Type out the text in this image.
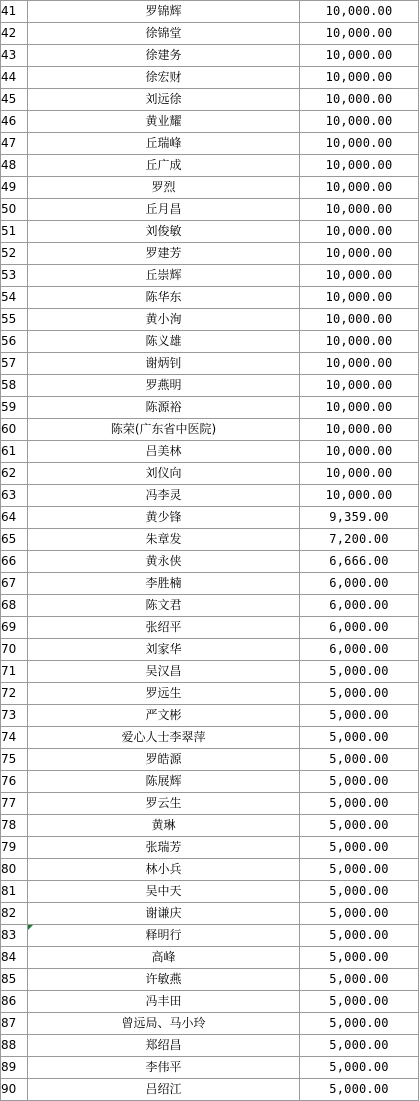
41	罗锦辉	10,000.00
42	徐锦堂	10,000.00
43	徐建务	10,000.00
44	徐宏财	10,000.00
45	刘远徐	10,000.00
46	黄业耀	10,000.00
47	丘瑞峰	10,000.00
48	丘广成	10,000.00
49	罗烈	10,000.00
50	丘月昌	10,000.00
51	刘俊敏	10,000.00
52	罗建芳	10,000.00
53	丘崇辉	10,000.00
54	陈华东	10,000.00
55	黄小洵	10,000.00
56	陈义雄	10,000.00
57	谢炳钊	10,000.00
58	罗燕明	10,000.00
59	陈源裕	10,000.00
60	陈荣(广东省中医院)	10,000.00
61	吕美林	10,000.00
62	刘仪向	10,000.00
63	冯李灵	10,000.00
64	黄少锋	9,359.00
65	朱章发	7,200.00
66	黄永侠	6,666.00
67	李胜楠	6,000.00
68	陈文君	6,000.00
69	张绍平	6,000.00
70	刘家华	6,000.00
71	吴汉昌	5,000.00
72	罗远生	5,000.00
73	严文彬	5,000.00
74	爱心人士李翠萍	5,000.00
75	罗皓源	5,000.00
76	陈展辉	5,000.00
77	罗云生	5,000.00
78	黄琳	5,000.00
79	张瑞芳	5,000.00
80	林小兵	5,000.00
81	吴中天	5,000.00
82	谢谦庆	5,000.00
83	释明行	5,000.00
84	高峰	5,000.00
85	许敏燕	5,000.00
86	冯丰田	5,000.00
87	曾远局、马小玲	5,000.00
88	郑绍昌	5,000.00
89	李伟平	5,000.00
90	吕绍江	5,000.00
